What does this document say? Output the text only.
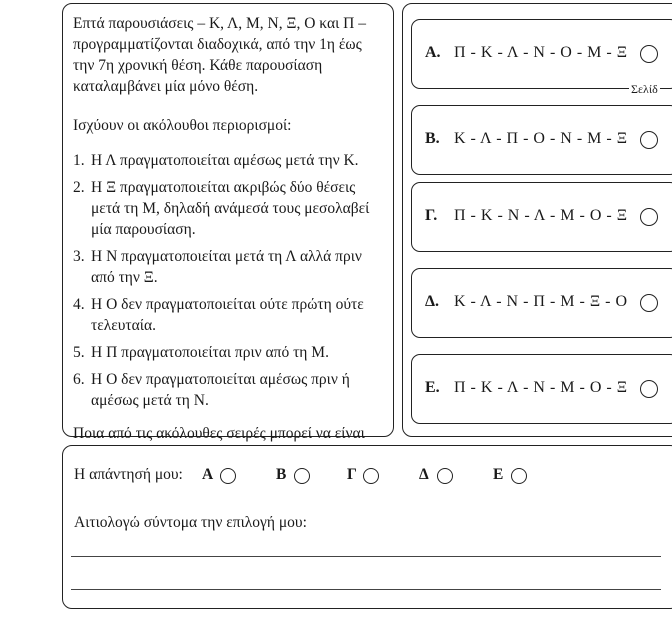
Επτά παρουσιάσεις – Κ, Λ, Μ, Ν, Ξ, Ο και Π – προγραμματίζονται διαδοχικά, από την 1η έως την 7η χρονική θέση. Κάθε παρουσίαση καταλαμβάνει μία μόνο θέση.

Ισχύουν οι ακόλουθοι περιορισμοί:

1. Η Λ πραγματοποιείται αμέσως μετά την Κ.
2. Η Ξ πραγματοποιείται ακριβώς δύο θέσεις μετά τη Μ, δηλαδή ανάμεσά τους μεσολαβεί μία παρουσίαση.
3. Η Ν πραγματοποιείται μετά τη Λ αλλά πριν από την Ξ.
4. Η Ο δεν πραγματοποιείται ούτε πρώτη ούτε τελευταία.
5. Η Π πραγματοποιείται πριν από τη Μ.
6. Η Ο δεν πραγματοποιείται αμέσως πριν ή αμέσως μετά τη Ν.

Ποια από τις ακόλουθες σειρές μπορεί να είναι

Α. Π - Κ - Λ - Ν - Ο - Μ - Ξ
Β. Κ - Λ - Π - Ο - Ν - Μ - Ξ
Γ. Π - Κ - Ν - Λ - Μ - Ο - Ξ
Δ. Κ - Λ - Ν - Π - Μ - Ξ - Ο
Ε. Π - Κ - Λ - Ν - Μ - Ο - Ξ
Σελίδ
Η απάντησή μου: Α	Β	Γ	Δ	Ε
Αιτιολογώ σύντομα την επιλογή μου:
